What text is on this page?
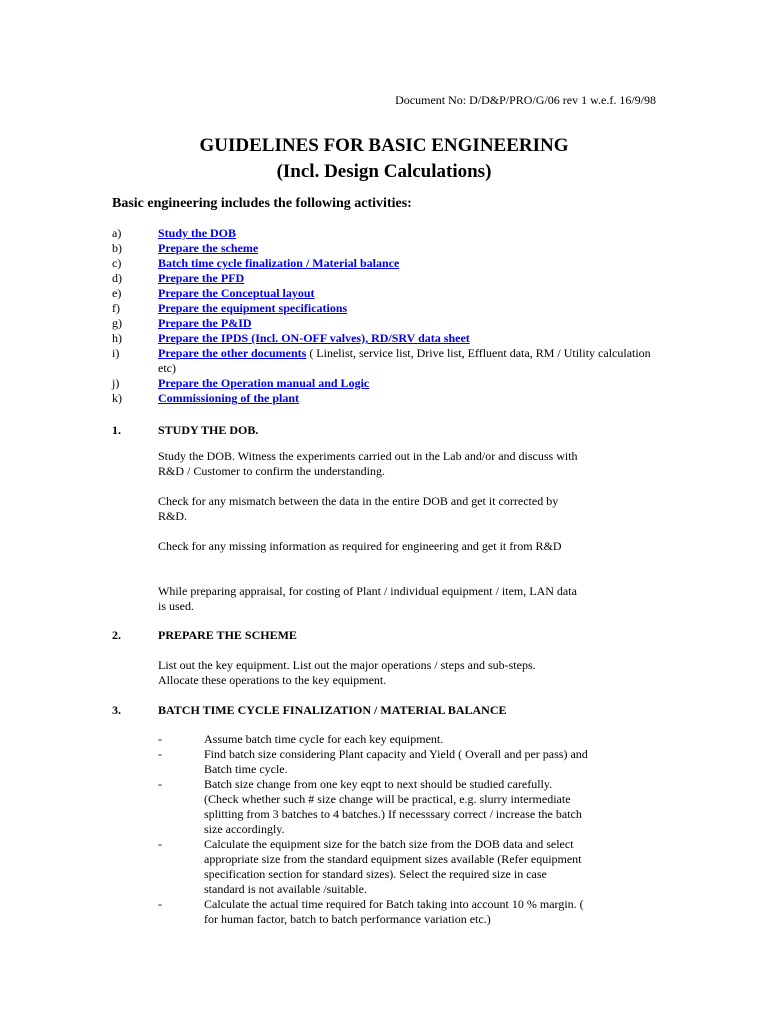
Document No: D/D&P/PRO/G/06 rev 1 w.e.f. 16/9/98
GUIDELINES FOR BASIC ENGINEERING
(Incl. Design Calculations)
Basic engineering includes the following activities:
a)	Study the DOB
b)	Prepare the scheme
c)	Batch time cycle finalization / Material balance
d)	Prepare the PFD
e)	Prepare the Conceptual layout
f)	Prepare the equipment specifications
g)	Prepare the P&ID
h)	Prepare the IPDS (Incl. ON-OFF valves), RD/SRV data sheet
i)	Prepare the other documents ( Linelist, service list, Drive list, Effluent data, RM / Utility calculation etc)
j)	Prepare the Operation manual and Logic
k)	Commissioning of the plant
1.	STUDY THE DOB.

Study the DOB. Witness the experiments carried out in the Lab and/or and discuss with R&D / Customer to confirm the understanding.

Check for any mismatch between the data in the entire DOB and get it corrected by R&D.

Check for any missing information as required for engineering and get it from R&D

While preparing appraisal, for costing of Plant / individual equipment / item, LAN data is used.

2.	PREPARE THE SCHEME

List out the key equipment. List out the major operations / steps and sub-steps. Allocate these operations to the key equipment.

3.	BATCH TIME CYCLE FINALIZATION / MATERIAL BALANCE
-	Assume batch time cycle for each key equipment.
-	Find batch size considering Plant capacity and Yield ( Overall and per pass) and Batch time cycle.
-	Batch size change from one key eqpt to next should be studied carefully. (Check whether such # size change will be practical, e.g. slurry intermediate splitting from 3 batches to 4 batches.) If necesssary correct / increase the batch size accordingly.
-	Calculate the equipment size for the batch size from the DOB data and select appropriate size from the standard equipment sizes available (Refer equipment specification section for standard sizes). Select the required size in case standard is not available /suitable.
-	Calculate the actual time required for Batch taking into account 10 % margin. ( for human factor, batch to batch performance variation etc.)
